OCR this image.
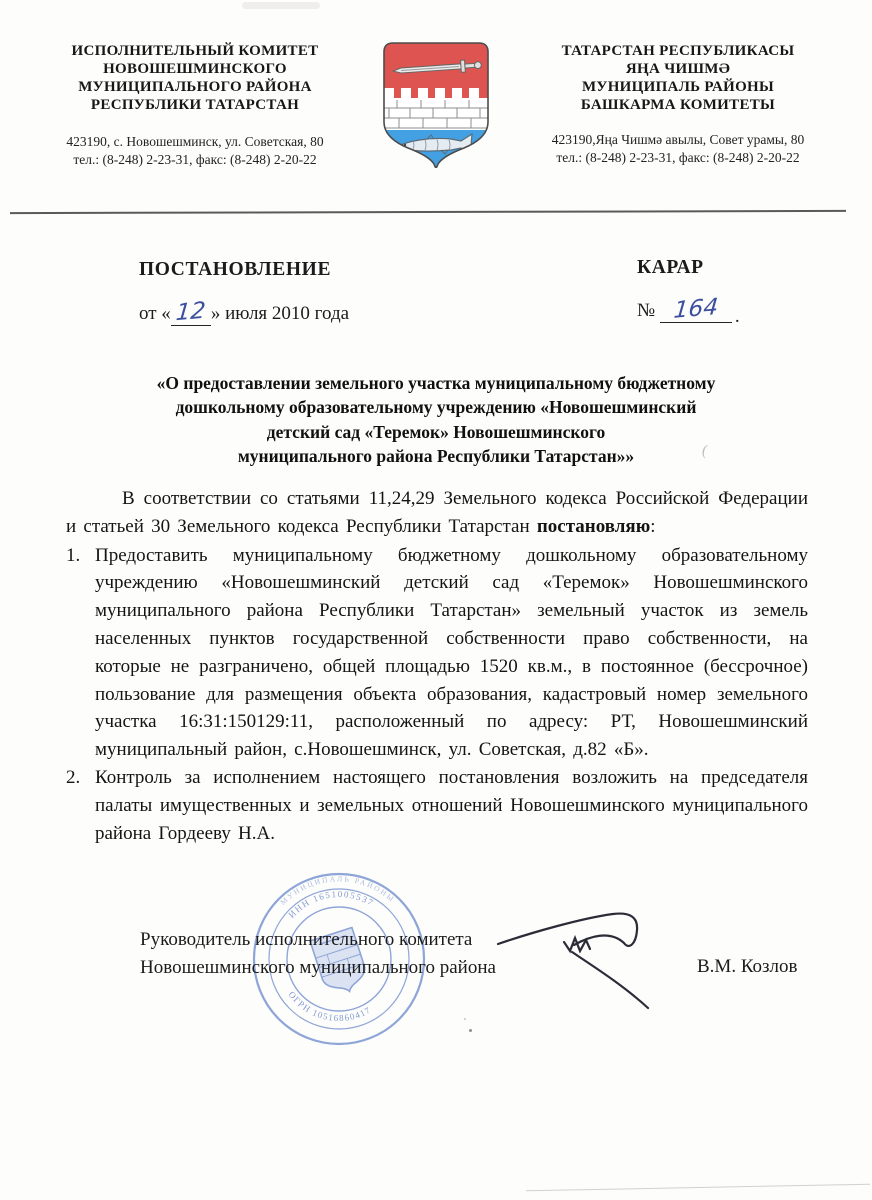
ИСПОЛНИТЕЛЬНЫЙ КОМИТЕТ
НОВОШЕШМИНСКОГО
МУНИЦИПАЛЬНОГО РАЙОНА
РЕСПУБЛИКИ ТАТАРСТАН
423190, с. Новошешминск, ул. Советская, 80
тел.: (8-248) 2-23-31, факс: (8-248) 2-20-22
ТАТАРСТАН РЕСПУБЛИКАСЫ
ЯҢА ЧИШМӘ
МУНИЦИПАЛЬ РАЙОНЫ
БАШКАРМА КОМИТЕТЫ
423190,Яңа Чишмә авылы, Совет урамы, 80
тел.: (8-248) 2-23-31, факс: (8-248) 2-20-22
ПОСТАНОВЛЕНИЕ	КАРАР
от « 12 » июля 2010 года	№ 164 .
«О предоставлении земельного участка муниципальному бюджетному
дошкольному образовательному учреждению «Новошешминский
детский сад «Теремок» Новошешминского
муниципального района Республики Татарстан»»	(

В соответствии со статьями 11,24,29 Земельного кодекса Российской Федерации и статьей 30 Земельного кодекса Республики Татарстан постановляю:

1. Предоставить муниципальному бюджетному дошкольному образовательному учреждению «Новошешминский детский сад «Теремок» Новошешминского муниципального района Республики Татарстан» земельный участок из земель населенных пунктов государственной собственности право собственности, на которые не разграничено, общей площадью 1520 кв.м., в постоянное (бессрочное) пользование для размещения объекта образования, кадастровый номер земельного участка 16:31:150129:11, расположенный по адресу: РТ, Новошешминский муниципальный район, с.Новошешминск, ул. Советская, д.82 «Б».
2. Контроль за исполнением настоящего постановления возложить на председателя палаты имущественных и земельных отношений Новошешминского муниципального района Гордееву Н.А.
ИНН 1651005537
ОГРН 10516860417
МУНИЦИПАЛЬ РАЙОНЫ
Руководитель исполнительного комитета
Новошешминского муниципального района	В.М. Козлов
